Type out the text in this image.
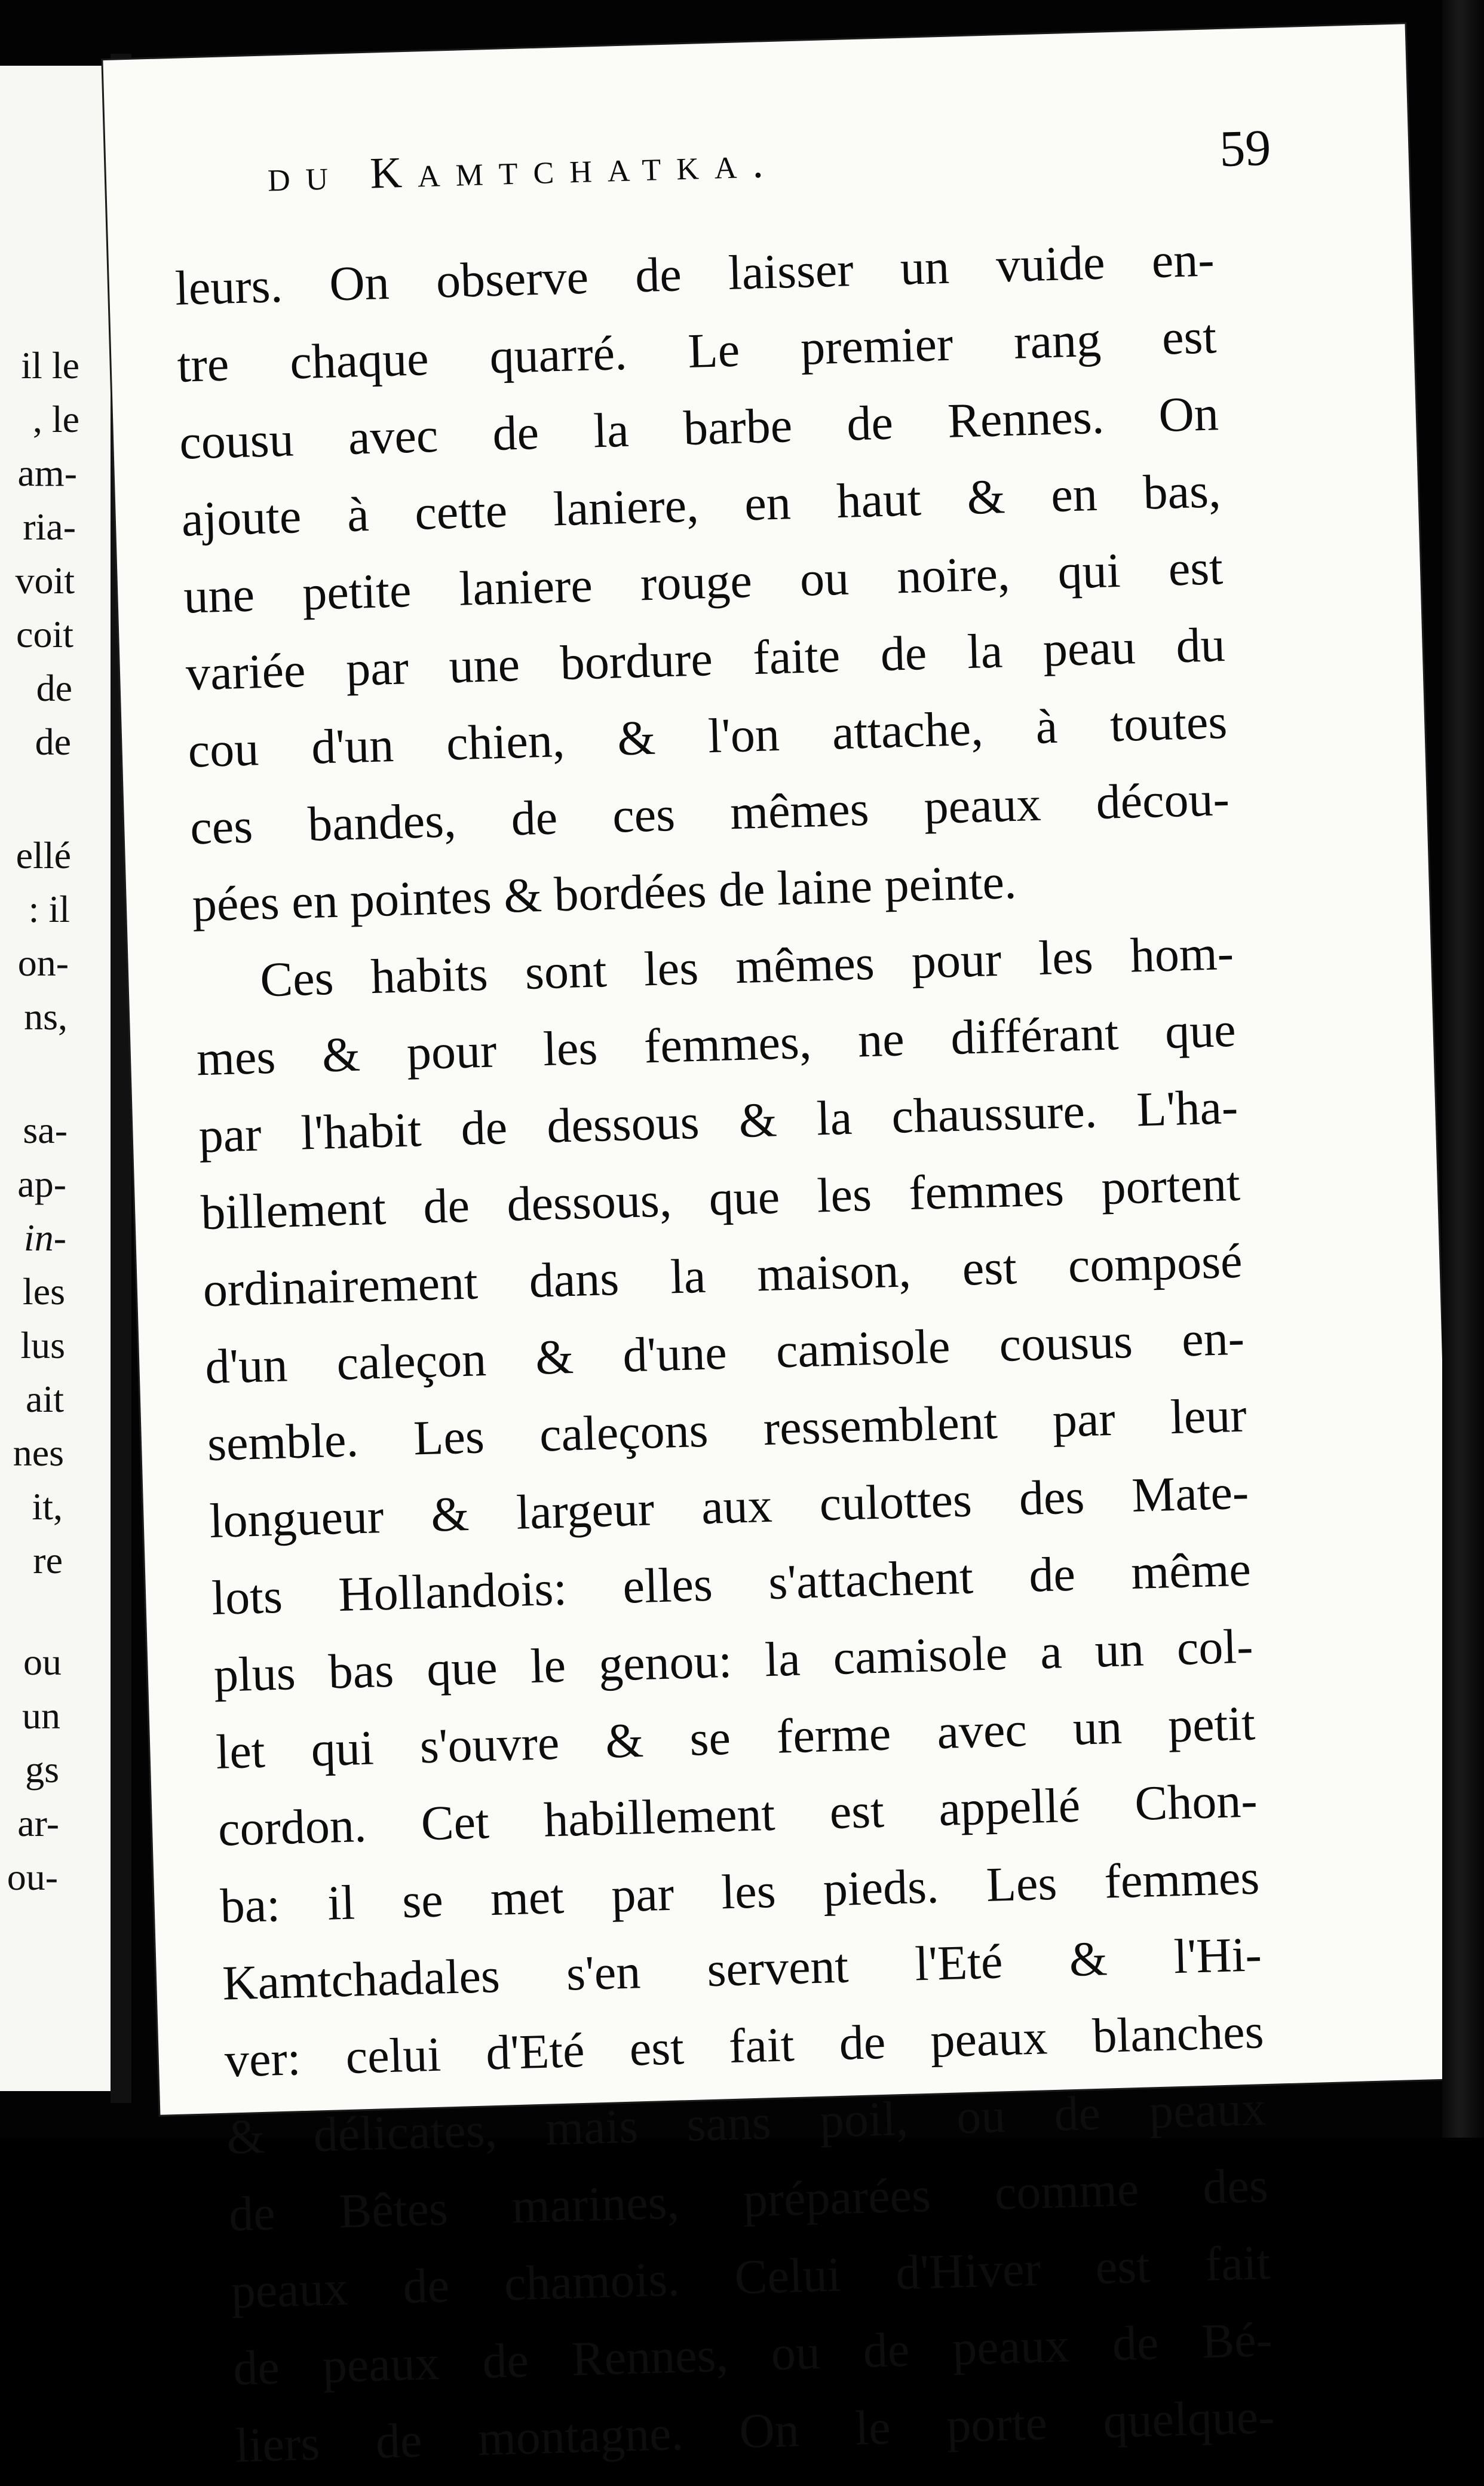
il le
, le
am-
ria-
voit
coit
de
de
ellé
: il
on-
ns,
sa-
ap-
in-
les
lus
ait
nes
it,
re
ou
un
gs
ar-
ou-
du Kamtchatka.	59
leurs. On observe de laisser un vuide en-
tre chaque quarré. Le premier rang est
cousu avec de la barbe de Rennes. On
ajoute à cette laniere, en haut & en bas,
une petite laniere rouge ou noire, qui est
variée par une bordure faite de la peau du
cou d'un chien, & l'on attache, à toutes
ces bandes, de ces mêmes peaux décou-
pées en pointes & bordées de laine peinte.
Ces habits sont les mêmes pour les hom-
mes & pour les femmes, ne différant que
par l'habit de dessous & la chaussure. L'ha-
billement de dessous, que les femmes portent
ordinairement dans la maison, est composé
d'un caleçon & d'une camisole cousus en-
semble. Les caleçons ressemblent par leur
longueur & largeur aux culottes des Mate-
lots Hollandois: elles s'attachent de même
plus bas que le genou: la camisole a un col-
let qui s'ouvre & se ferme avec un petit
cordon. Cet habillement est appellé Chon-
ba: il se met par les pieds. Les femmes
Kamtchadales s'en servent l'Eté & l'Hi-
ver: celui d'Eté est fait de peaux blanches
& délicates, mais sans poil, ou de peaux
de Bêtes marines, préparées comme des
peaux de chamois. Celui d'Hiver est fait
de peaux de Rennes, ou de peaux de Bé-
liers de montagne. On le porte quelque-
